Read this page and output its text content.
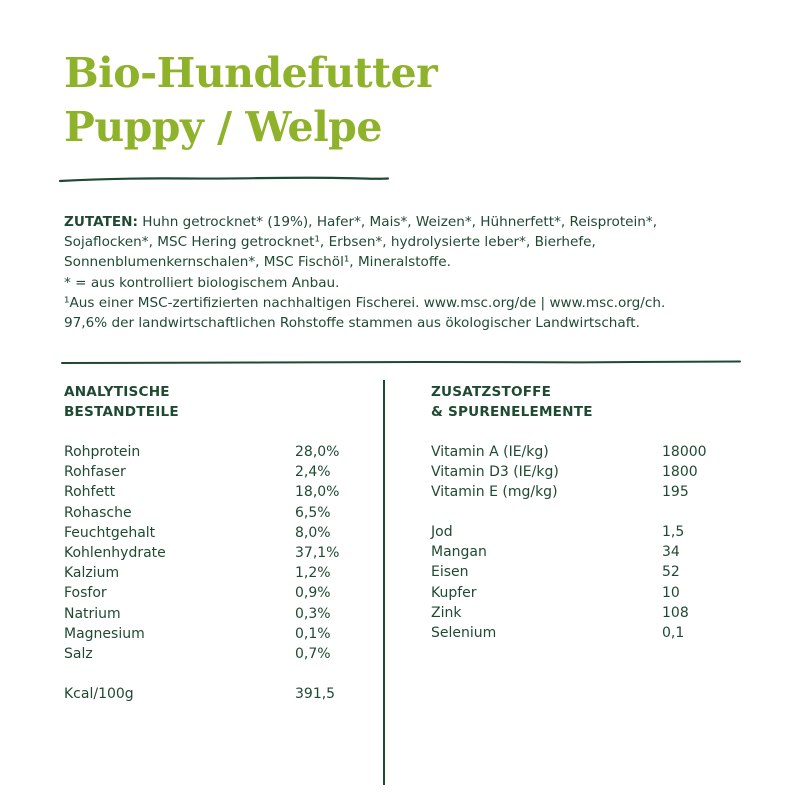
Bio-Hundefutter
Puppy / Welpe

ZUTATEN: Huhn getrocknet* (19%), Hafer*, Mais*, Weizen*, Hühnerfett*, Reisprotein*,

Sojaflocken*, MSC Hering getrocknet¹, Erbsen*, hydrolysierte leber*, Bierhefe,

Sonnenblumenkernschalen*, MSC Fischöl¹, Mineralstoffe.

* = aus kontrolliert biologischem Anbau.

¹Aus einer MSC-zertifizierten nachhaltigen Fischerei. www.msc.org/de | www.msc.org/ch.

97,6% der landwirtschaftlichen Rohstoffe stammen aus ökologischer Landwirtschaft.

ANALYTISCHE
BESTANDTEILE
Rohprotein	28,0%
Rohfaser	2,4%
Rohfett	18,0%
Rohasche	6,5%
Feuchtgehalt	8,0%
Kohlenhydrate	37,1%
Kalzium	1,2%
Fosfor	0,9%
Natrium	0,3%
Magnesium	0,1%
Salz	0,7%
Kcal/100g	391,5
ZUSATZSTOFFE
& SPURENELEMENTE
Vitamin A (IE/kg)	18000
Vitamin D3 (IE/kg)	1800
Vitamin E (mg/kg)	195
Jod	1,5
Mangan	34
Eisen	52
Kupfer	10
Zink	108
Selenium	0,1
